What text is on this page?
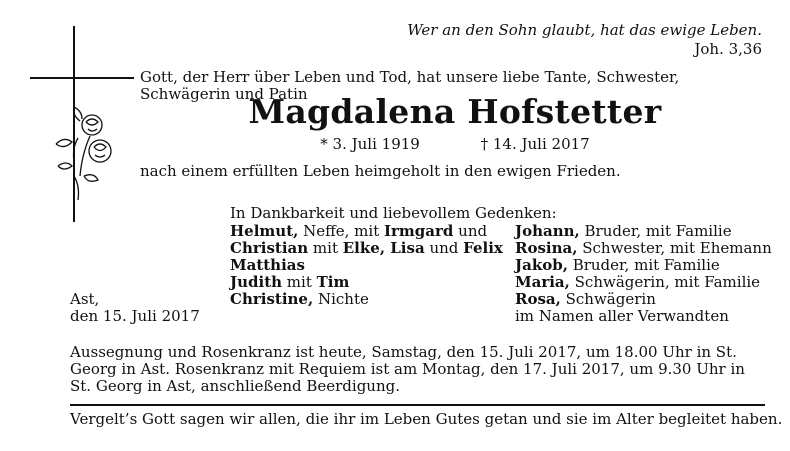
Wer an den Sohn glaubt, hat das ewige Leben.
Joh. 3,36
Gott, der Herr über Leben und Tod, hat unsere liebe Tante, Schwester, Schwägerin und Patin
Magdalena Hofstetter
* 3. Juli 1919	† 14. Juli 2017
nach einem erfüllten Leben heimgeholt in den ewigen Frieden.
In Dankbarkeit und liebevollem Gedenken:
Helmut, Neffe, mit Irmgard und
Christian mit Elke, Lisa und Felix
Matthias
Judith mit Tim
Christine, Nichte
Johann, Bruder, mit Familie
Rosina, Schwester, mit Ehemann
Jakob, Bruder, mit Familie
Maria, Schwägerin, mit Familie
Rosa, Schwägerin
im Namen aller Verwandten
Ast,
den 15. Juli 2017
Aussegnung und Rosenkranz ist heute, Samstag, den 15. Juli 2017, um 18.00 Uhr in St. Georg in Ast. Rosenkranz mit Requiem ist am Montag, den 17. Juli 2017, um 9.30 Uhr in St. Georg in Ast, anschließend Beerdigung.
Vergelt’s Gott sagen wir allen, die ihr im Leben Gutes getan und sie im Alter begleitet haben.
